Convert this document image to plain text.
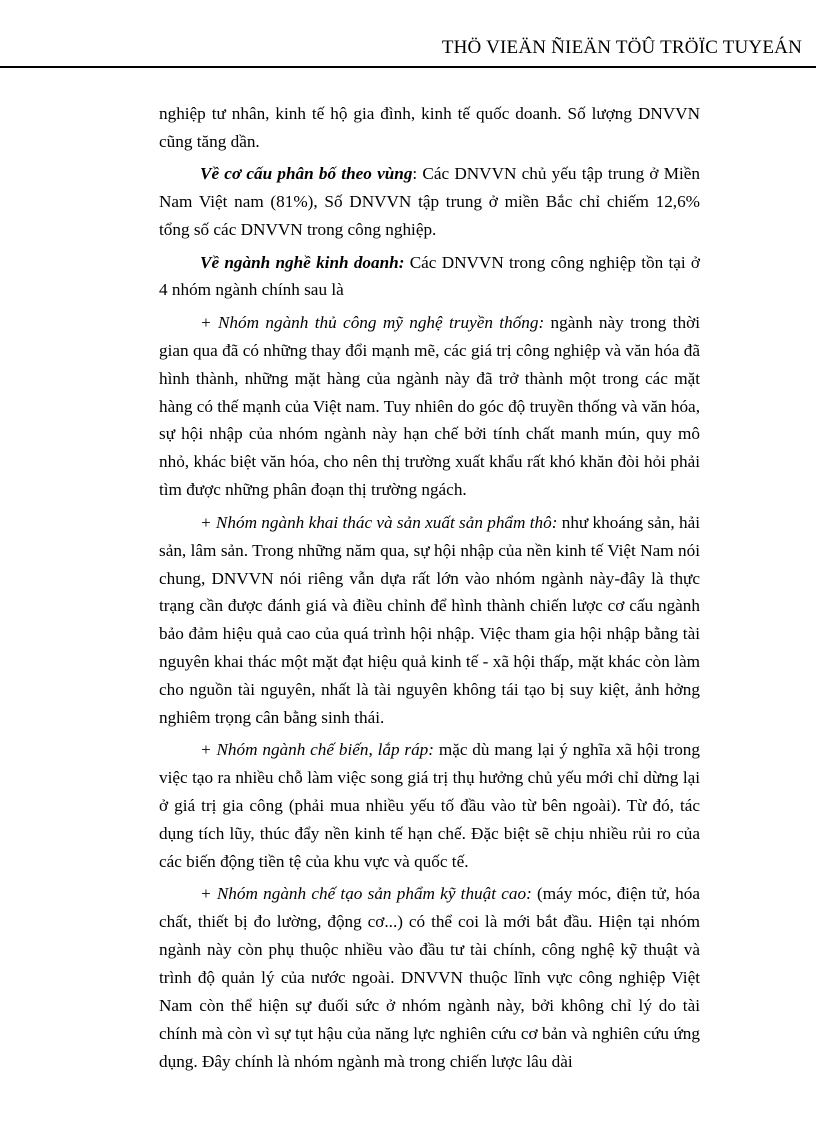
THÖ VIEÄN ÑIEÄN TÖÛ TRÖÏC TUYEÁN

nghiệp tư nhân, kinh tế hộ gia đình, kinh tế quốc doanh. Số lượng DNVVN cũng tăng dần.

Về cơ cấu phân bố theo vùng: Các DNVVN chủ yếu tập trung ở Miền Nam Việt nam (81%), Số DNVVN tập trung ở miền Bắc chỉ chiếm 12,6% tổng số các DNVVN trong công nghiệp.

Về ngành nghề kinh doanh: Các DNVVN trong công nghiệp tồn tại ở 4 nhóm ngành chính sau là

+ Nhóm ngành thủ công mỹ nghệ truyền thống: ngành này trong thời gian qua đã có những thay đổi mạnh mẽ, các giá trị công nghiệp và văn hóa đã hình thành, những mặt hàng của ngành này đã trở thành một trong các mặt hàng có thế mạnh của Việt nam. Tuy nhiên do góc độ truyền thống và văn hóa, sự hội nhập của nhóm ngành này hạn chế bởi tính chất manh mún, quy mô nhỏ, khác biệt văn hóa, cho nên thị trường xuất khẩu rất khó khăn đòi hỏi phải tìm được những phân đoạn thị trường ngách.

+ Nhóm ngành khai thác và sản xuất sản phẩm thô: như khoáng sản, hải sản, lâm sản. Trong những năm qua, sự hội nhập của nền kinh tế Việt Nam nói chung, DNVVN nói riêng vẫn dựa rất lớn vào nhóm ngành này-đây là thực trạng cần được đánh giá và điều chỉnh để hình thành chiến lược cơ cấu ngành bảo đảm hiệu quả cao của quá trình hội nhập. Việc tham gia hội nhập bằng tài nguyên khai thác một mặt đạt hiệu quả kinh tế - xã hội thấp, mặt khác còn làm cho nguồn tài nguyên, nhất là tài nguyên không tái tạo bị suy kiệt, ảnh hởng nghiêm trọng cân bằng sinh thái.

+ Nhóm ngành chế biến, lắp ráp: mặc dù mang lại ý nghĩa xã hội trong việc tạo ra nhiều chỗ làm việc song giá trị thụ hưởng chủ yếu mới chỉ dừng lại ở giá trị gia công (phải mua nhiều yếu tố đầu vào từ bên ngoài). Từ đó, tác dụng tích lũy, thúc đẩy nền kinh tế hạn chế. Đặc biệt sẽ chịu nhiều rủi ro của các biến động tiền tệ của khu vực và quốc tế.

+ Nhóm ngành chế tạo sản phẩm kỹ thuật cao: (máy móc, điện tử, hóa chất, thiết bị đo lường, động cơ...) có thể coi là mới bắt đầu. Hiện tại nhóm ngành này còn phụ thuộc nhiều vào đầu tư tài chính, công nghệ kỹ thuật và trình độ quản lý của nước ngoài. DNVVN thuộc lĩnh vực công nghiệp Việt Nam còn thể hiện sự đuối sức ở nhóm ngành này, bởi không chỉ lý do tài chính mà còn vì sự tụt hậu của năng lực nghiên cứu cơ bản và nghiên cứu ứng dụng. Đây chính là nhóm ngành mà trong chiến lược lâu dài
